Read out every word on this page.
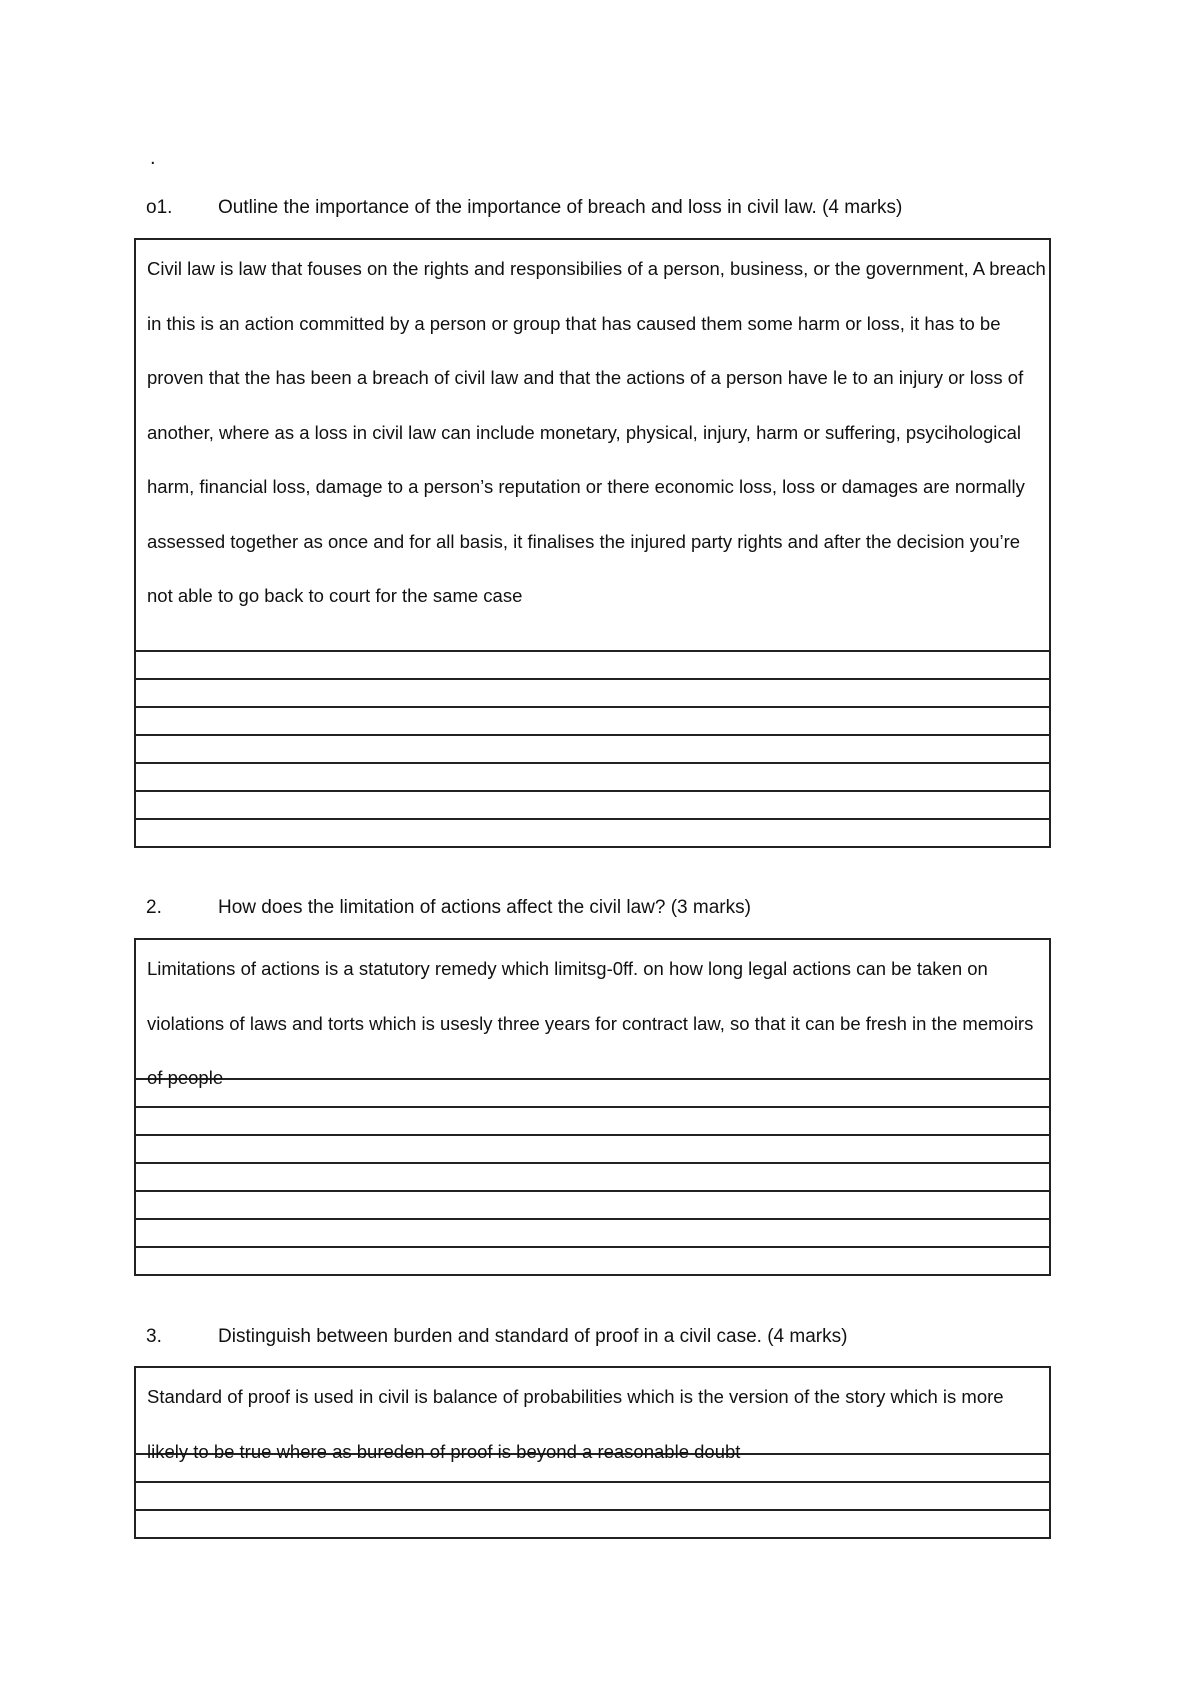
.
o1. Outline the importance of the importance of breach and loss in civil law. (4 marks)

Civil law is law that fouses on the rights and responsibilies of a person, business, or the government, A breach in this is an action committed by a person or group that has caused them some harm or loss, it has to be proven that the has been a breach of civil law and that the actions of a person have le to an injury or loss of another, where as a loss in civil law can include monetary, physical, injury, harm or suffering, psycihological harm, financial loss, damage to a person’s reputation or there economic loss, loss or damages are normally assessed together as once and for all basis, it finalises the injured party rights and after the decision you’re not able to go back to court for the same case

2.	How does the limitation of actions affect the civil law? (3 marks)

Limitations of actions is a statutory remedy which limitsg-0ff. on how long legal actions can be taken on violations of laws and torts which is usesly three years for contract law, so that it can be fresh in the memoirs of people

3.	Distinguish between burden and standard of proof in a civil case. (4 marks)

Standard of proof is used in civil is balance of probabilities which is the version of the story which is more likely to be true where as bureden of proof is beyond a reasonable doubt
